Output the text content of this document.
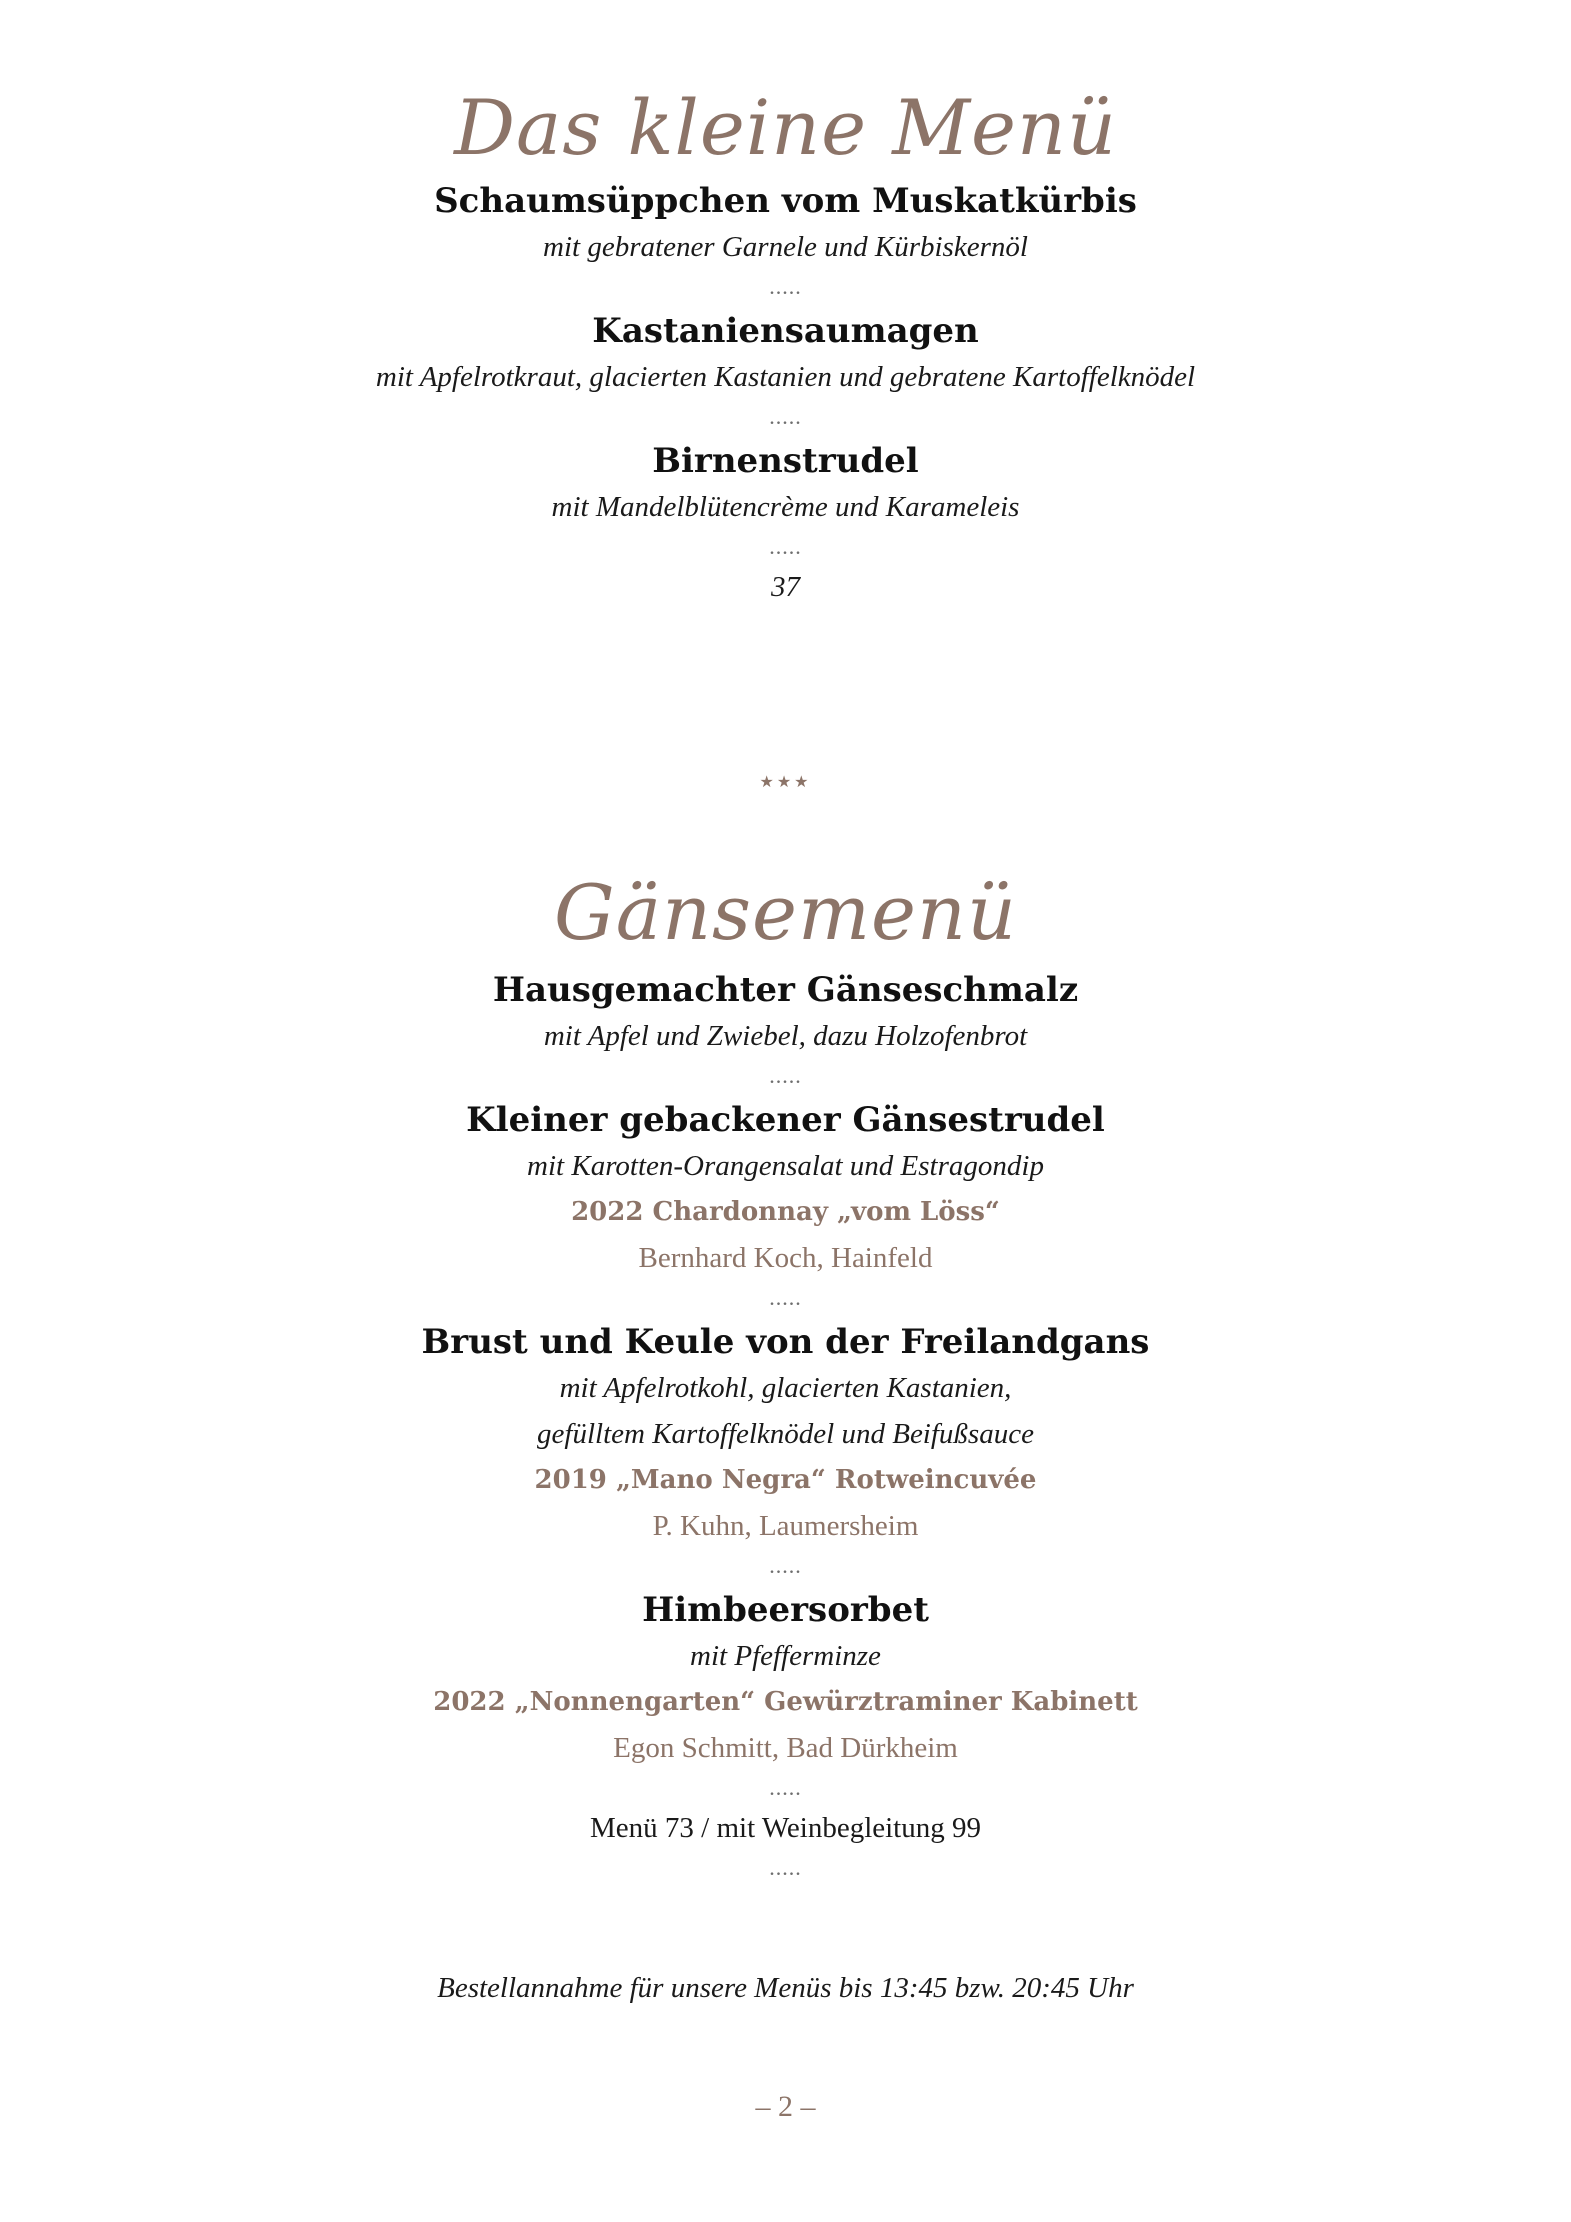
Das kleine Menü
Schaumsüppchen vom Muskatkürbis
mit gebratener Garnele und Kürbiskernöl
.....
Kastaniensaumagen
mit Apfelrotkraut, glacierten Kastanien und gebratene Kartoffelknödel
.....
Birnenstrudel
mit Mandelblütencrème und Karameleis
.....
37
★★★
Gänsemenü
Hausgemachter Gänseschmalz
mit Apfel und Zwiebel, dazu Holzofenbrot
.....
Kleiner gebackener Gänsestrudel
mit Karotten-Orangensalat und Estragondip
2022 Chardonnay „vom Löss“
Bernhard Koch, Hainfeld
.....
Brust und Keule von der Freilandgans
mit Apfelrotkohl, glacierten Kastanien,
gefülltem Kartoffelknödel und Beifußsauce
2019 „Mano Negra“ Rotweincuvée
P. Kuhn, Laumersheim
.....
Himbeersorbet
mit Pfefferminze
2022 „Nonnengarten“ Gewürztraminer Kabinett
Egon Schmitt, Bad Dürkheim
.....
Menü 73 / mit Weinbegleitung 99
.....
Bestellannahme für unsere Menüs bis 13:45 bzw. 20:45 Uhr
– 2 –
